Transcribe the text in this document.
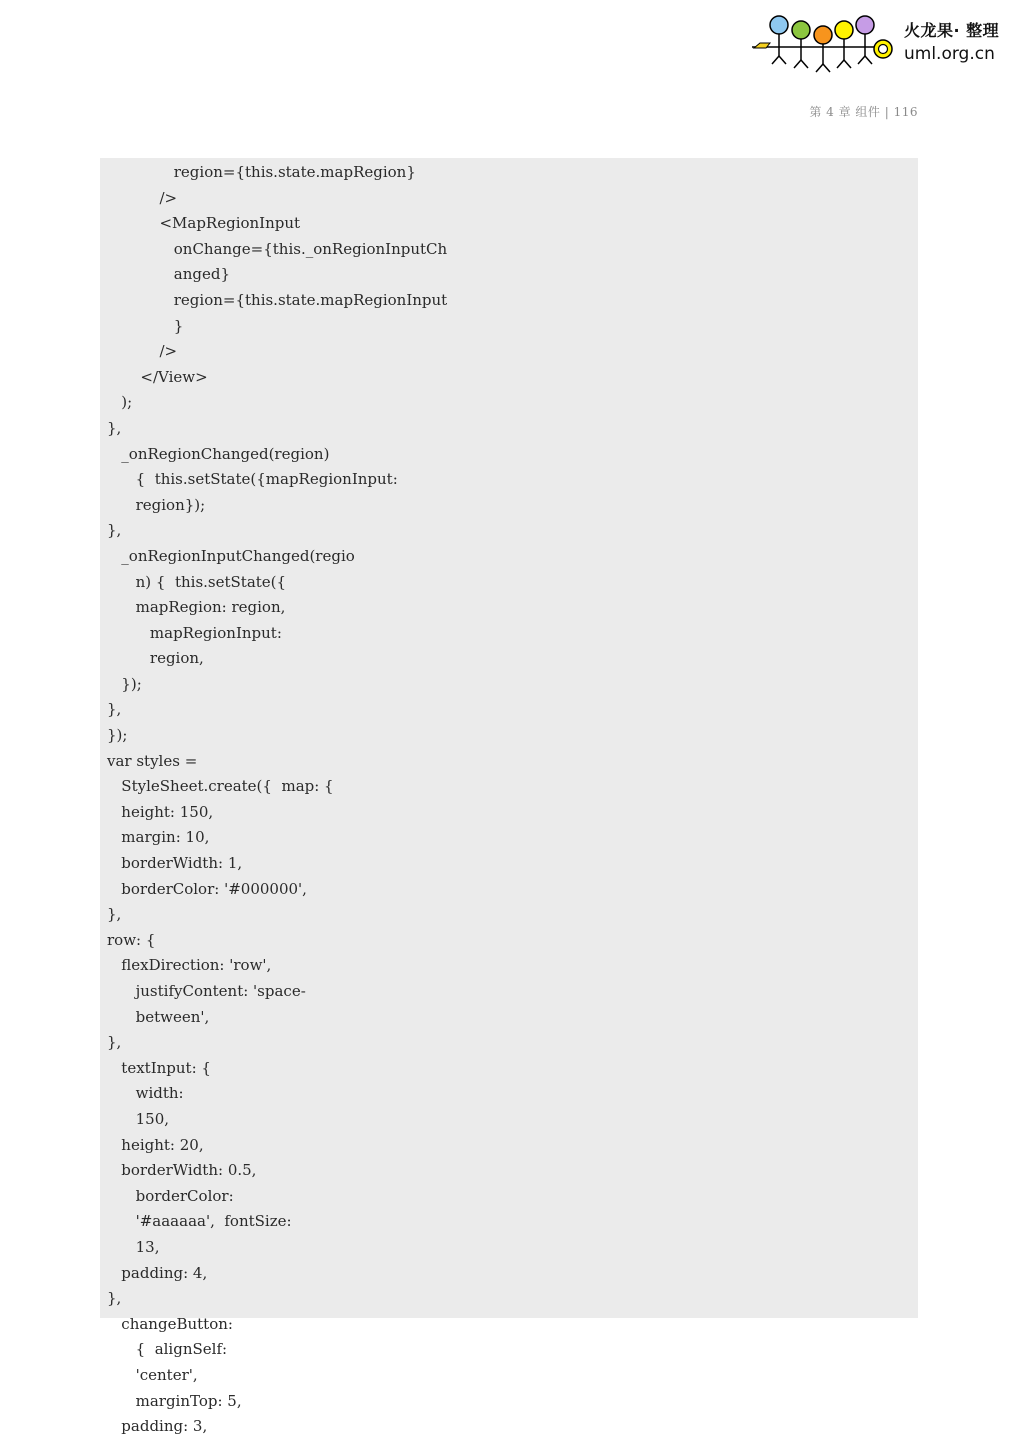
火龙果· 整理
uml.org.cn
第 4 章 组件 | 116
region={this.state.mapRegion}
/>
<MapRegionInput
onChange={this._onRegionInputCh
anged}
region={this.state.mapRegionInput
}
/>
</View>
);
},
_onRegionChanged(region)
{  this.setState({mapRegionInput:
region});
},
_onRegionInputChanged(regio
n) {  this.setState({
mapRegion: region,
mapRegionInput:
region,
});
},
});
var styles =
StyleSheet.create({  map: {
height: 150,
margin: 10,
borderWidth: 1,
borderColor: '#000000',
},
row: {
flexDirection: 'row',
justifyContent: 'space-
between',
},
textInput: {
width:
150,
height: 20,
borderWidth: 0.5,
borderColor:
'#aaaaaa',  fontSize:
13,
padding: 4,
},
changeButton:
{  alignSelf:
'center',
marginTop: 5,
padding: 3,
